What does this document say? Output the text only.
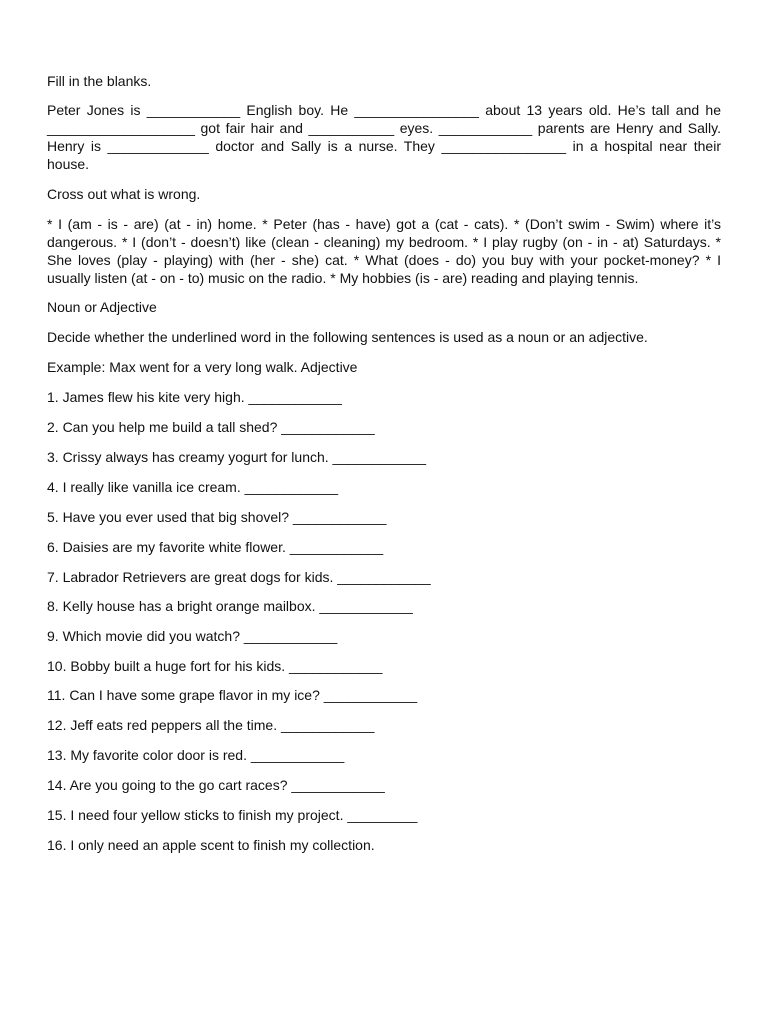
Fill in the blanks.
Peter Jones is ____________ English boy. He ________________ about 13 years old. He’s tall and he
___________________ got fair hair and ___________ eyes. ____________ parents are Henry and Sally.
Henry is _____________ doctor and Sally is a nurse. They ________________ in a hospital near their
house.
Cross out what is wrong.
* I (am - is - are) (at - in) home. * Peter (has - have) got a (cat - cats). * (Don’t swim - Swim) where it’s
dangerous. * I (don’t - doesn’t) like (clean - cleaning) my bedroom. * I play rugby (on - in - at) Saturdays. *
She loves (play - playing) with (her - she) cat. * What (does - do) you buy with your pocket-money? * I
usually listen (at - on - to) music on the radio. * My hobbies (is - are) reading and playing tennis.
Noun or Adjective
Decide whether the underlined word in the following sentences is used as a noun or an adjective.
Example: Max went for a very long walk. Adjective
1. James flew his kite very high. ____________
2. Can you help me build a tall shed? ____________
3. Crissy always has creamy yogurt for lunch. ____________
4. I really like vanilla ice cream. ____________
5. Have you ever used that big shovel? ____________
6. Daisies are my favorite white flower. ____________
7. Labrador Retrievers are great dogs for kids. ____________
8. Kelly house has a bright orange mailbox. ____________
9. Which movie did you watch? ____________
10. Bobby built a huge fort for his kids. ____________
11. Can I have some grape flavor in my ice? ____________
12. Jeff eats red peppers all the time. ____________
13. My favorite color door is red. ____________
14. Are you going to the go cart races? ____________
15. I need four yellow sticks to finish my project. _________
16. I only need an apple scent to finish my collection.
